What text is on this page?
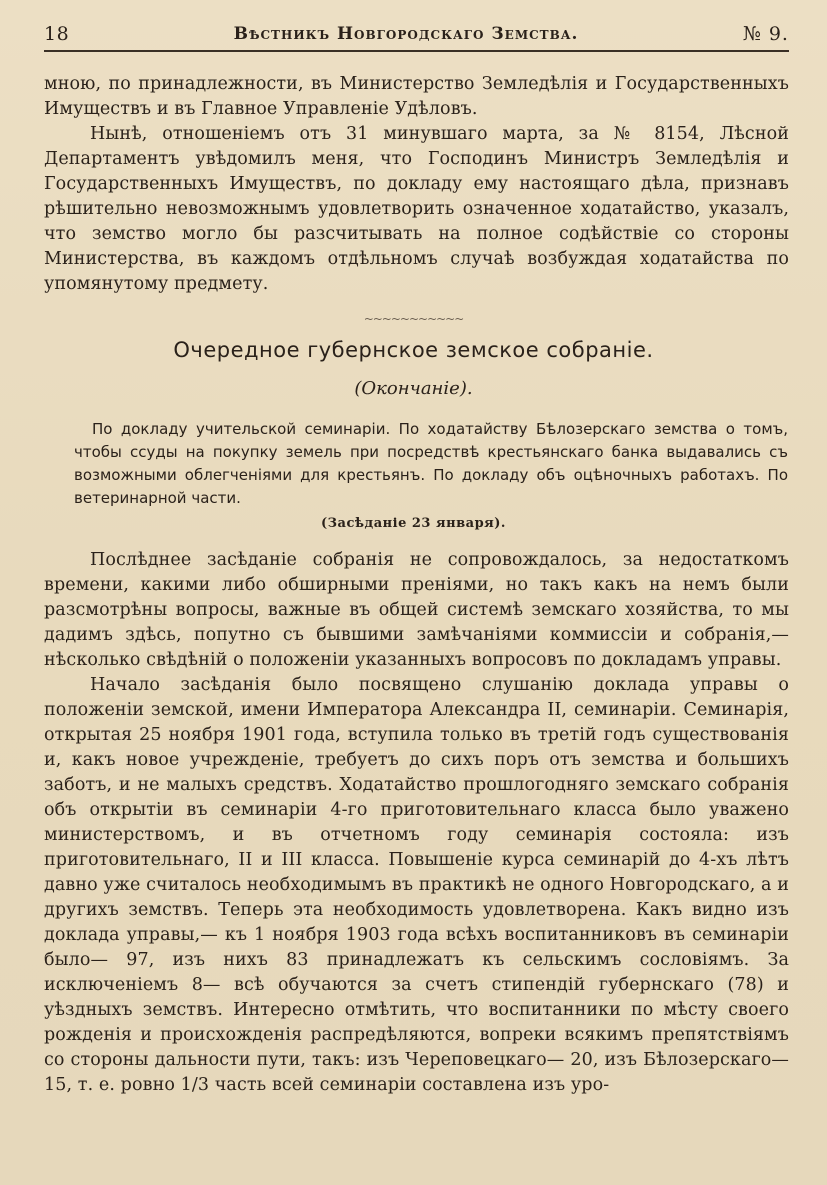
18	Вѣстникъ Новгородскаго Земства.	№ 9.

мнoю, по принадлежности, въ Министерство Земледѣлія и Государственныхъ Имуществъ и въ Главное Управленіе Удѣловъ.

Нынѣ, отношеніемъ отъ 31 минувшаго марта, за № 8154, Лѣсной Департаментъ увѣдомилъ меня, что Господинъ Министръ Земледѣлія и Государственныхъ Имуществъ, по докладу ему настоящаго дѣла, признавъ рѣшительно невозможнымъ удовлетворить означенное ходатайство, указалъ, что земство могло бы разсчитывать на полное содѣйствіе со стороны Министерства, въ каждомъ отдѣльномъ случаѣ возбуждая ходатайства по упомянутому предмету.

~~~~~~~~~~~
Очередное губернское земское собраніе.
(Окончаніе).

По докладу учительской семинаріи. По ходатайству Бѣлозерскаго земства о томъ, чтобы ссуды на покупку земель при посредствѣ крестьянскаго банка выдавались съ возможными облегченіями для крестьянъ. По докладу объ оцѣночныхъ работахъ. По ветеринарной части.

(Засѣданіе 23 января).

Послѣднее засѣданіе собранія не сопровождалось, за недостаткомъ времени, какими либо обширными преніями, но такъ какъ на немъ были разсмотрѣны вопросы, важные въ общей системѣ земскаго хозяйства, то мы дадимъ здѣсь, попутно съ бывшими замѣчаніями коммиссіи и собранія,—нѣсколько свѣдѣній о положеніи указанныхъ вопросовъ по докладамъ управы.

Начало засѣданія было посвящено слушанію доклада управы о положеніи земской, имени Императора Александра II, семинаріи. Семинарія, открытая 25 ноября 1901 года, вступила только въ третій годъ существованія и, какъ новое учрежденіе, требуетъ до сихъ поръ отъ земства и большихъ заботъ, и не малыхъ средствъ. Ходатайство прошлогодняго земскаго собранія объ открытіи въ семинаріи 4-го приготовительнаго класса было уважено министерствомъ, и въ отчетномъ году семинарія состояла: изъ приготовительнаго, II и III класса. Повышеніе курса семинарій до 4-хъ лѣтъ давно уже считалось необходимымъ въ практикѣ не одного Новгородскаго, а и другихъ земствъ. Теперь эта необходимость удовлетворена. Какъ видно изъ доклада управы,— къ 1 ноября 1903 года всѣхъ воспитанниковъ въ семинаріи было— 97, изъ нихъ 83 принадлежатъ къ сельскимъ сословіямъ. За исключеніемъ 8— всѣ обучаются за счетъ стипендій губернскаго (78) и уѣздныхъ земствъ. Интересно отмѣтить, что воспитанники по мѣсту своего рожденія и происхожденія распредѣляются, вопреки всякимъ препятствіямъ со стороны дальности пути, такъ: изъ Череповецкаго— 20, изъ Бѣлозерскаго— 15, т. е. ровно 1/3 часть всей семинаріи составлена изъ уро-
